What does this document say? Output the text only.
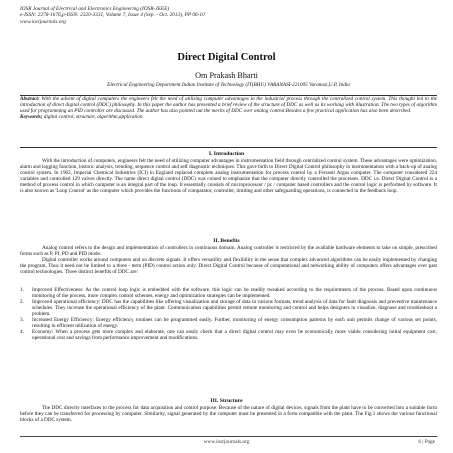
IOSR Journal of Electrical and Electronics Engineering (IOSR-JEEE)
e-ISSN: 2278-1676,p-ISSN: 2320-3331, Volume 7, Issue 4 (Sep. - Oct. 2013), PP 06-10
www.iosrjournals.org
Direct Digital Control
Om Prakash Bharti
Electrical Engineering Department Indian Institute of Technology (IT(BHU) VARANASI-221005 Varanasi,U.P, India
Abstract: With the advent of digital computers the engineers felt the need of utilizing computer advantages in the industrial process through the centralized control system. This thought led to the introduction of direct digital control (DDC) philosophy. In this paper the author has presented a brief review of the structure of DDC as well as its working with illustration. The two types of algorithm used for programming an PID controller are discussed. The author has also pointed out the merits of DDC over analog control.Besides a few practical application has also been described.
Keywords; digital control, structure, algorithm,application
I. Introduction
With the introduction of computers, engineers felt the need of utilizing computer advantages in instrumentation field through centralized control system. These advantages were optimization, alarm and logging function, historic analysis, trending, sequence control and self diagnostic techniques. This gave birth to Direct Digital Control philosophy in instrumentation with a back-up of analog control system. In 1962, Imperial Chemical Industries (ICI) in England replaced complete analog instrumentation for process control by a Ferranti Argus computer. The computer considered 224 variables and controlled 129 valves directly. The name direct digital control (DDC) was coined to emphasize that the computer directly controlled the processes. DDC i.e. Direct Digital Control is a method of process control in which computer is an integral part of the loop. It essentially consists of microprocessor / pc / computer based controllers and the control logic is performed by software. It is also known as 'Loop Control' as the computer which provides the functions of comparator, controller, limiting and other safeguarding operations, is connected in the feedback loop.
II. Benefits
Analog control refers to the design and implementation of controllers in continuous domain. Analog controller is restricted by the available hardware elements to take on simple, prescribed forms such as P, PI, PD and PID mode.
Digital controller works around computers and on discrete signals. It offers versatility and flexibility in the sense that complex advanced algorithms can be easily implemented by changing the program. Thus it need not be limited to a three - term (PID) control action only. Direct Digital Control because of computational and networking ability of computers offers advantages over past control technologies. Three distinct benefits of DDC are:
1.	Improved Effectiveness: As the control loop logic is embedded with the software, this logic can be readily tweaked according to the requirements of the process. Based upon continuous monitoring of the process, more complex control schemes, energy and optimization strategies can be implemented.
2.	Improved operational efficiency: DDC has the capabilities like offering visualization and storage of data in various formats, trend analysis of data for fault diagnosis and preventive maintenance schedules. They increase the operational efficiency of the plant. Communication capabilities permit remote monitoring and control and helps designers to visualize, diagnose and troubleshoot a problem.
3.	Increased Energy Efficiency: Energy efficiency routines can be programmed easily. Further, monitoring of energy consumption patterns by each unit permits change of various set points, resulting in efficient utilization of energy.
4.	Economy: When a process gets more complex and elaborate, one can easily check that a direct digital control may even be economically more viable considering initial equipment cost, operational cost and savings from performance improvement and modifications.
III. Structure
The DDC directly interfaces to the process for data acquisition and control purpose. Because of the nature of digital devices, signals from the plant have to be converted into a suitable form before they can be transferred for processing by computer. Similarity, signal generated by the computer must be presented in a form compatible with the plant. The Fig.1 shows the various functional blocks of a DDC system.
www.iosrjournals.org	6 | Page
